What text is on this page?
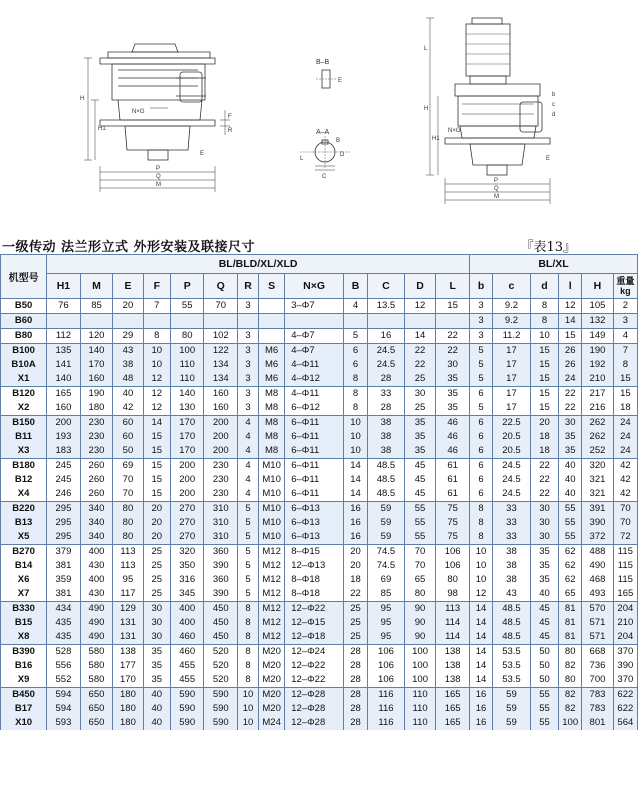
H
H1
N×G
P
Q
M
F
R
E
B–B
E
A–A
B
C
D
L
L
H
H1
N×G
P
Q
M
E
b
c
d
一级传动 法兰形立式 外形安装及联接尺寸	『表13』
机型号	BL/BLD/XL/XLD													BL/XL					
	H1	M	E	F	P	Q	R	S	N×G	B	C	D	L	b	c	d	l	H	重量
kg

B50	76	85	20	7	55	70	3		3–Φ7	4	13.5	12	15	3	9.2	8	12	105	2
B60														3	9.2	8	14	132	3
B80	112	120	29	8	80	102	3		4–Φ7	5	16	14	22	3	11.2	10	15	149	4
B100	135	140	43	10	100	122	3	M6	4–Φ7	6	24.5	22	22	5	17	15	26	190	7
B10A	141	170	38	10	110	134	3	M6	4–Φ11	6	24.5	22	30	5	17	15	26	192	8
X1	140	160	48	12	110	134	3	M6	4–Φ12	8	28	25	35	5	17	15	24	210	15
B120	165	190	40	12	140	160	3	M8	4–Φ11	8	33	30	35	6	17	15	22	217	15
X2	160	180	42	12	130	160	3	M8	6–Φ12	8	28	25	35	5	17	15	22	216	18
B150	200	230	60	14	170	200	4	M8	6–Φ11	10	38	35	46	6	22.5	20	30	262	24
B11	193	230	60	15	170	200	4	M8	6–Φ11	10	38	35	46	6	20.5	18	35	262	24
X3	183	230	50	15	170	200	4	M8	6–Φ11	10	38	35	46	6	20.5	18	35	252	24
B180	245	260	69	15	200	230	4	M10	6–Φ11	14	48.5	45	61	6	24.5	22	40	320	42
B12	245	260	70	15	200	230	4	M10	6–Φ11	14	48.5	45	61	6	24.5	22	40	321	42
X4	246	260	70	15	200	230	4	M10	6–Φ11	14	48.5	45	61	6	24.5	22	40	321	42
B220	295	340	80	20	270	310	5	M10	6–Φ13	16	59	55	75	8	33	30	55	391	70
B13	295	340	80	20	270	310	5	M10	6–Φ13	16	59	55	75	8	33	30	55	390	70
X5	295	340	80	20	270	310	5	M10	6–Φ13	16	59	55	75	8	33	30	55	372	72
B270	379	400	113	25	320	360	5	M12	8–Φ15	20	74.5	70	106	10	38	35	62	488	115
B14	381	430	113	25	350	390	5	M12	12–Φ13	20	74.5	70	106	10	38	35	62	490	115
X6	359	400	95	25	316	360	5	M12	8–Φ18	18	69	65	80	10	38	35	62	468	115
X7	381	430	117	25	345	390	5	M12	8–Φ18	22	85	80	98	12	43	40	65	493	165
B330	434	490	129	30	400	450	8	M12	12–Φ22	25	95	90	113	14	48.5	45	81	570	204
B15	435	490	131	30	400	450	8	M12	12–Φ15	25	95	90	114	14	48.5	45	81	571	210
X8	435	490	131	30	460	450	8	M12	12–Φ18	25	95	90	114	14	48.5	45	81	571	204
B390	528	580	138	35	460	520	8	M20	12–Φ24	28	106	100	138	14	53.5	50	80	668	370
B16	556	580	177	35	455	520	8	M20	12–Φ22	28	106	100	138	14	53.5	50	82	736	390
X9	552	580	170	35	455	520	8	M20	12–Φ22	28	106	100	138	14	53.5	50	80	700	370
B450	594	650	180	40	590	590	10	M20	12–Φ28	28	116	110	165	16	59	55	82	783	622
B17	594	650	180	40	590	590	10	M20	12–Φ28	28	116	110	165	16	59	55	82	783	622
X10	593	650	180	40	590	590	10	M24	12–Φ28	28	116	110	165	16	59	55	100	801	564
